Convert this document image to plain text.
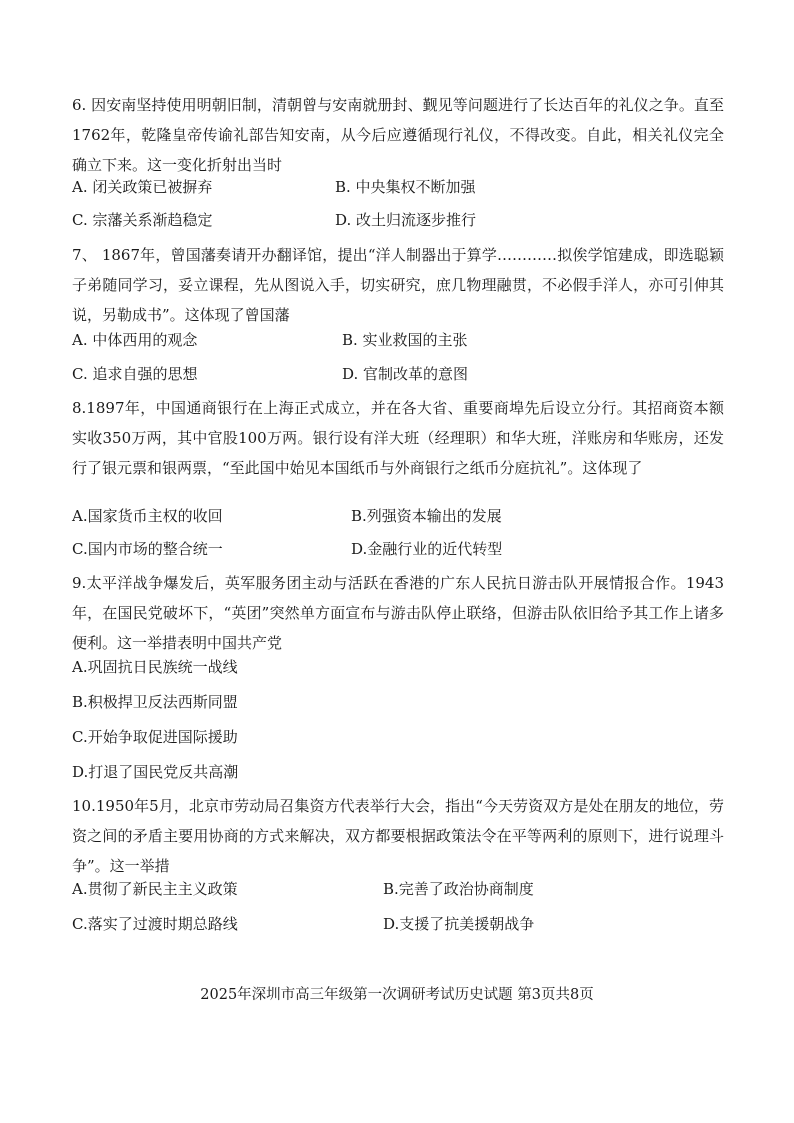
6. 因安南坚持使用明朝旧制，清朝曾与安南就册封、觐见等问题进行了长达百年的礼仪之争。直至1762年，乾隆皇帝传谕礼部告知安南，从今后应遵循现行礼仪，不得改变。自此，相关礼仪完全确立下来。这一变化折射出当时
A. 闭关政策已被摒弃	B. 中央集权不断加强
C. 宗藩关系渐趋稳定	D. 改土归流逐步推行
7、 1867年，曾国藩奏请开办翻译馆，提出“洋人制器出于算学…………拟俟学馆建成，即选聪颖子弟随同学习，妥立课程，先从图说入手，切实研究，庶几物理融贯，不必假手洋人，亦可引伸其说，另勒成书”。这体现了曾国藩
A. 中体西用的观念	B. 实业救国的主张
C. 追求自强的思想	D. 官制改革的意图
8.1897年，中国通商银行在上海正式成立，并在各大省、重要商埠先后设立分行。其招商资本额实收350万两，其中官股100万两。银行设有洋大班（经理职）和华大班，洋账房和华账房，还发行了银元票和银两票，“至此国中始见本国纸币与外商银行之纸币分庭抗礼”。这体现了
A.国家货币主权的收回	B.列强资本输出的发展
C.国内市场的整合统一	D.金融行业的近代转型
9.太平洋战争爆发后，英军服务团主动与活跃在香港的广东人民抗日游击队开展情报合作。1943年，在国民党破坏下，“英团”突然单方面宣布与游击队停止联络，但游击队依旧给予其工作上诸多便利。这一举措表明中国共产党
A.巩固抗日民族统一战线
B.积极捍卫反法西斯同盟
C.开始争取促进国际援助
D.打退了国民党反共高潮
10.1950年5月，北京市劳动局召集资方代表举行大会，指出“今天劳资双方是处在朋友的地位，劳资之间的矛盾主要用协商的方式来解决，双方都要根据政策法令在平等两利的原则下，进行说理斗争”。这一举措
A.贯彻了新民主主义政策	B.完善了政治协商制度
C.落实了过渡时期总路线	D.支援了抗美援朝战争
2025年深圳市高三年级第一次调研考试历史试题 第3页共8页
